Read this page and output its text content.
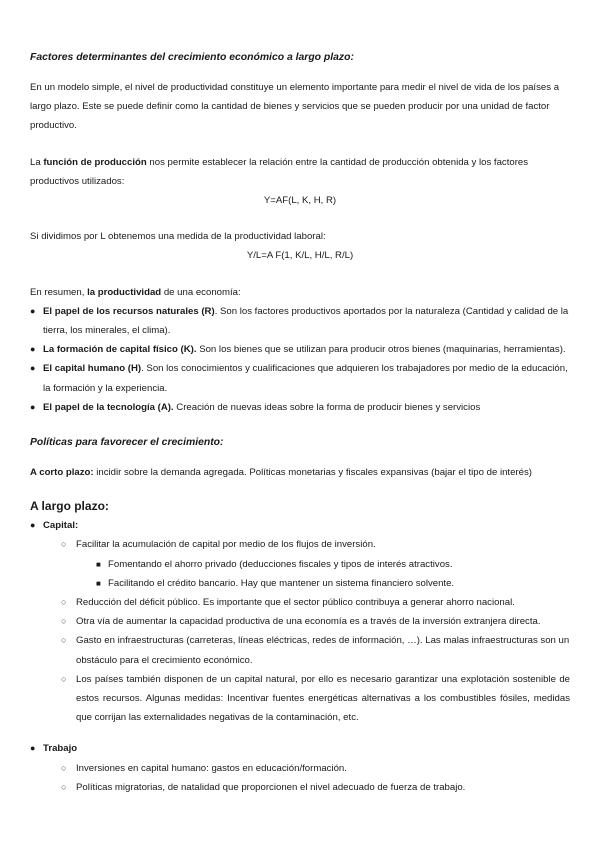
Factores determinantes del crecimiento económico a largo plazo:

En un modelo simple, el nivel de productividad constituye un elemento importante para medir el nivel de vida de los países a largo plazo. Este se puede definir como la cantidad de bienes y servicios que se pueden producir por una unidad de factor productivo.

La función de producción nos permite establecer la relación entre la cantidad de producción obtenida y los factores productivos utilizados:

Y=AF(L, K, H, R)

Si dividimos por L obtenemos una medida de la productividad laboral:

Y/L=A F(1, K/L, H/L, R/L)

En resumen, la productividad de una economía:

● El papel de los recursos naturales (R). Son los factores productivos aportados por la naturaleza (Cantidad y calidad de la tierra, los minerales, el clima).
● La formación de capital físico (K). Son los bienes que se utilizan para producir otros bienes (maquinarias, herramientas).
● El capital humano (H). Son los conocimientos y cualificaciones que adquieren los trabajadores por medio de la educación, la formación y la experiencia.
● El papel de la tecnología (A). Creación de nuevas ideas sobre la forma de producir bienes y servicios

Políticas para favorecer el crecimiento:

A corto plazo: incidir sobre la demanda agregada. Políticas monetarias y fiscales expansivas (bajar el tipo de interés)

A largo plazo:

● Capital:
○ Facilitar la acumulación de capital por medio de los flujos de inversión.
■ Fomentando el ahorro privado (deducciones fiscales y tipos de interés atractivos.
■ Facilitando el crédito bancario. Hay que mantener un sistema financiero solvente.
○ Reducción del déficit público. Es importante que el sector público contribuya a generar ahorro nacional.
○ Otra vía de aumentar la capacidad productiva de una economía es a través de la inversión extranjera directa.
○ Gasto en infraestructuras (carreteras, líneas eléctricas, redes de información, …). Las malas infraestructuras son un obstáculo para el crecimiento económico.
○ Los países también disponen de un capital natural, por ello es necesario garantizar una explotación sostenible de estos recursos. Algunas medidas: Incentivar fuentes energéticas alternativas a los combustibles fósiles, medidas que corrijan las externalidades negativas de la contaminación, etc.
● Trabajo
○ Inversiones en capital humano: gastos en educación/formación.
○ Políticas migratorias, de natalidad que proporcionen el nivel adecuado de fuerza de trabajo.
